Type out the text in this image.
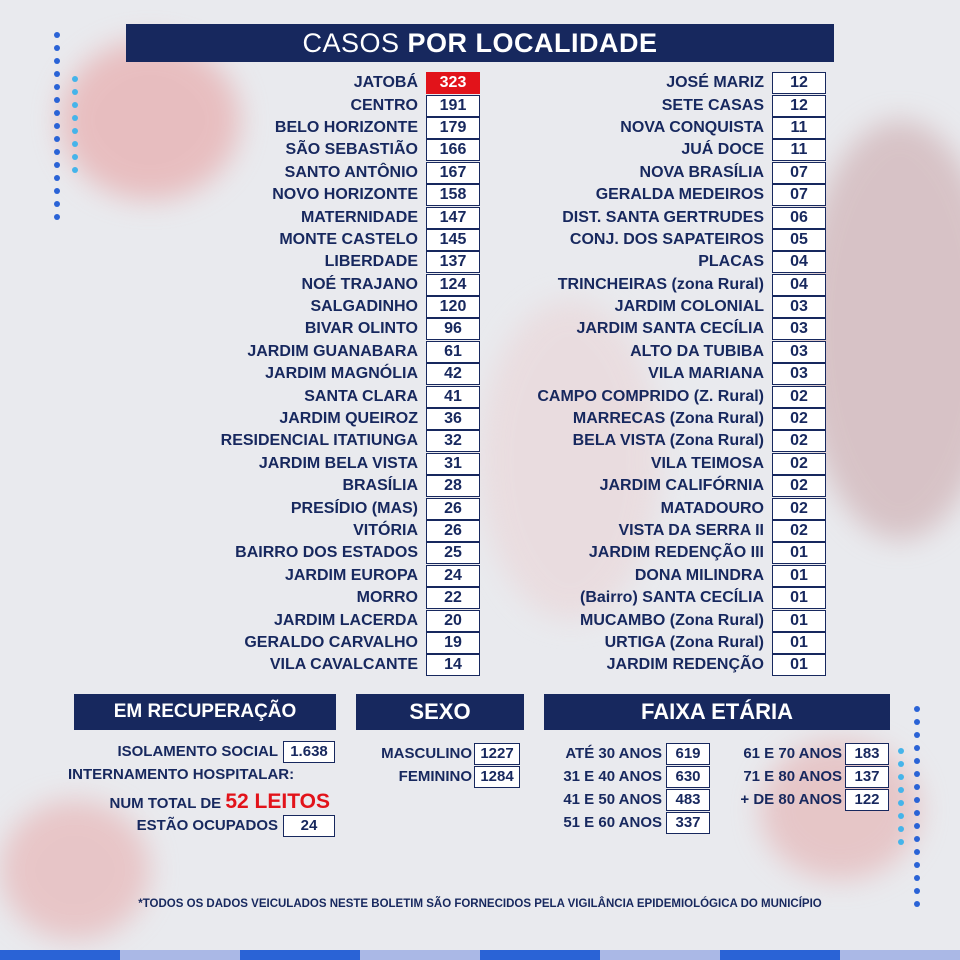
CASOS POR LOCALIDADE
JATOBÁ	323
CENTRO	191
BELO HORIZONTE	179
SÃO SEBASTIÃO	166
SANTO ANTÔNIO	167
NOVO HORIZONTE	158
MATERNIDADE	147
MONTE CASTELO	145
LIBERDADE	137
NOÉ TRAJANO	124
SALGADINHO	120
BIVAR OLINTO	96
JARDIM GUANABARA	61
JARDIM MAGNÓLIA	42
SANTA CLARA	41
JARDIM QUEIROZ	36
RESIDENCIAL ITATIUNGA	32
JARDIM BELA VISTA	31
BRASÍLIA	28
PRESÍDIO (MAS)	26
VITÓRIA	26
BAIRRO DOS ESTADOS	25
JARDIM EUROPA	24
MORRO	22
JARDIM LACERDA	20
GERALDO CARVALHO	19
VILA CAVALCANTE	14
JOSÉ MARIZ	12
SETE CASAS	12
NOVA CONQUISTA	11
JUÁ DOCE	11
NOVA BRASÍLIA	07
GERALDA MEDEIROS	07
DIST. SANTA GERTRUDES	06
CONJ. DOS SAPATEIROS	05
PLACAS	04
TRINCHEIRAS (zona Rural)	04
JARDIM COLONIAL	03
JARDIM SANTA CECÍLIA	03
ALTO DA TUBIBA	03
VILA MARIANA	03
CAMPO COMPRIDO (Z. Rural)	02
MARRECAS (Zona Rural)	02
BELA VISTA (Zona Rural)	02
VILA TEIMOSA	02
JARDIM CALIFÓRNIA	02
MATADOURO	02
VISTA DA SERRA II	02
JARDIM REDENÇÃO III	01
DONA MILINDRA	01
(Bairro) SANTA CECÍLIA	01
MUCAMBO (Zona Rural)	01
URTIGA (Zona Rural)	01
JARDIM REDENÇÃO	01
EM RECUPERAÇÃO
ISOLAMENTO SOCIAL 1.638
INTERNAMENTO HOSPITALAR:
NUM TOTAL DE 52 LEITOS
ESTÃO OCUPADOS	24
SEXO
MASCULINO 1227
FEMININO 1284
FAIXA ETÁRIA
ATÉ 30 ANOS 619
31 E 40 ANOS 630
41 E 50 ANOS 483
51 E 60 ANOS 337
61 E 70 ANOS 183
71 E 80 ANOS 137
+ DE 80 ANOS 122
*TODOS OS DADOS VEICULADOS NESTE BOLETIM SÃO FORNECIDOS PELA VIGILÂNCIA EPIDEMIOLÓGICA DO MUNICÍPIO
